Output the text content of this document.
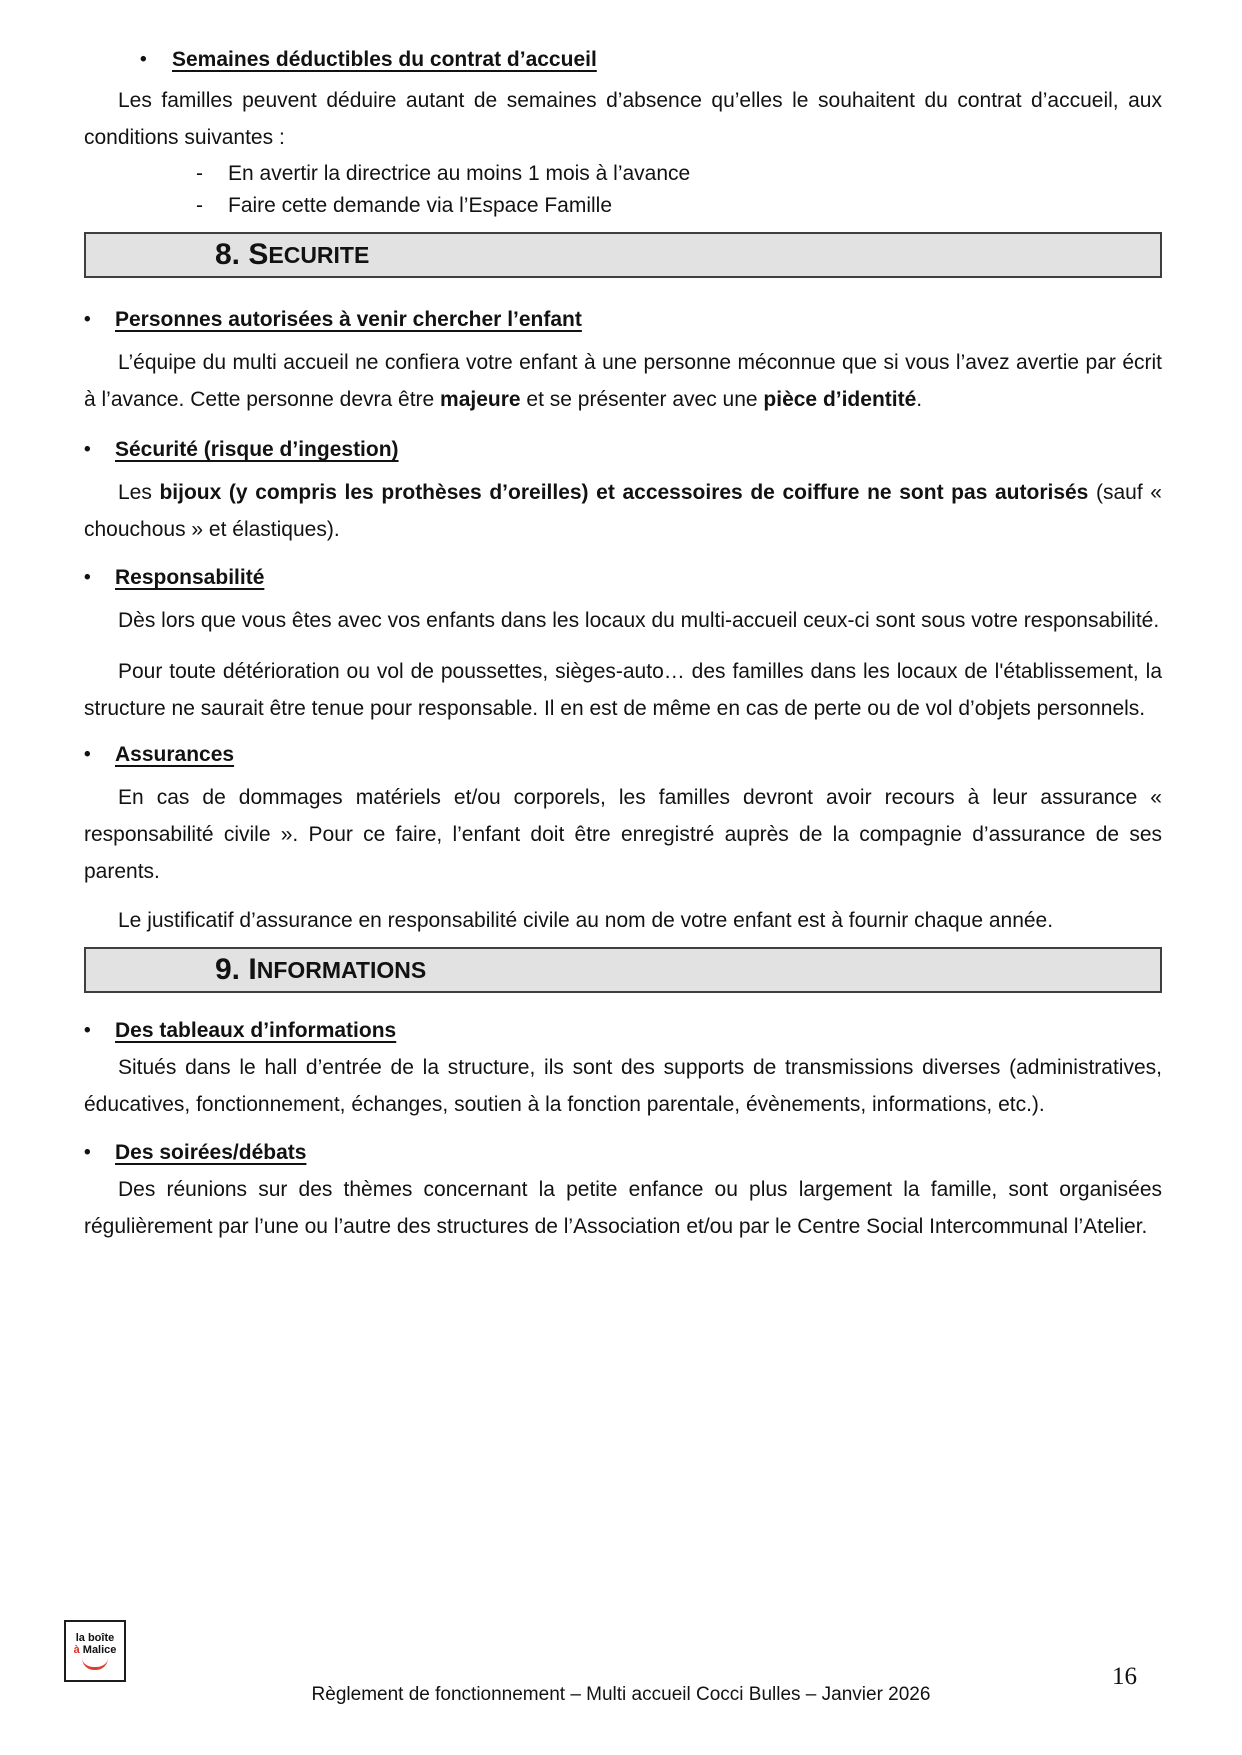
•	Semaines déductibles du contrat d’accueil

Les familles peuvent déduire autant de semaines d’absence qu’elles le souhaitent du contrat d’accueil, aux conditions suivantes :

-	En avertir la directrice au moins 1 mois à l’avance
-	Faire cette demande via l’Espace Famille
8. S ECURITE
•	Personnes autorisées à venir chercher l’enfant

L’équipe du multi accueil ne confiera votre enfant à une personne méconnue que si vous l’avez avertie par écrit à l’avance. Cette personne devra être majeure et se présenter avec une pièce d’identité.

•	Sécurité (risque d’ingestion)

Les bijoux (y compris les prothèses d’oreilles) et accessoires de coiffure ne sont pas autorisés (sauf « chouchous » et élastiques).

•	Responsabilité

Dès lors que vous êtes avec vos enfants dans les locaux du multi-accueil ceux-ci sont sous votre responsabilité.

Pour toute détérioration ou vol de poussettes, sièges-auto… des familles dans les locaux de l'établissement, la structure ne saurait être tenue pour responsable. Il en est de même en cas de perte ou de vol d’objets personnels.

•	Assurances

En cas de dommages matériels et/ou corporels, les familles devront avoir recours à leur assurance « responsabilité civile ». Pour ce faire, l’enfant doit être enregistré auprès de la compagnie d’assurance de ses parents.

Le justificatif d’assurance en responsabilité civile au nom de votre enfant est à fournir chaque année.

9. I NFORMATIONS
•	Des tableaux d’informations

Situés dans le hall d’entrée de la structure, ils sont des supports de transmissions diverses (administratives, éducatives, fonctionnement, échanges, soutien à la fonction parentale, évènements, informations, etc.).

•	Des soirées/débats

Des réunions sur des thèmes concernant la petite enfance ou plus largement la famille, sont organisées régulièrement par l’une ou l’autre des structures de l’Association et/ou par le Centre Social Intercommunal l’Atelier.

la boîte
à Malice
Règlement de fonctionnement – Multi accueil Cocci Bulles – Janvier 2026
16
